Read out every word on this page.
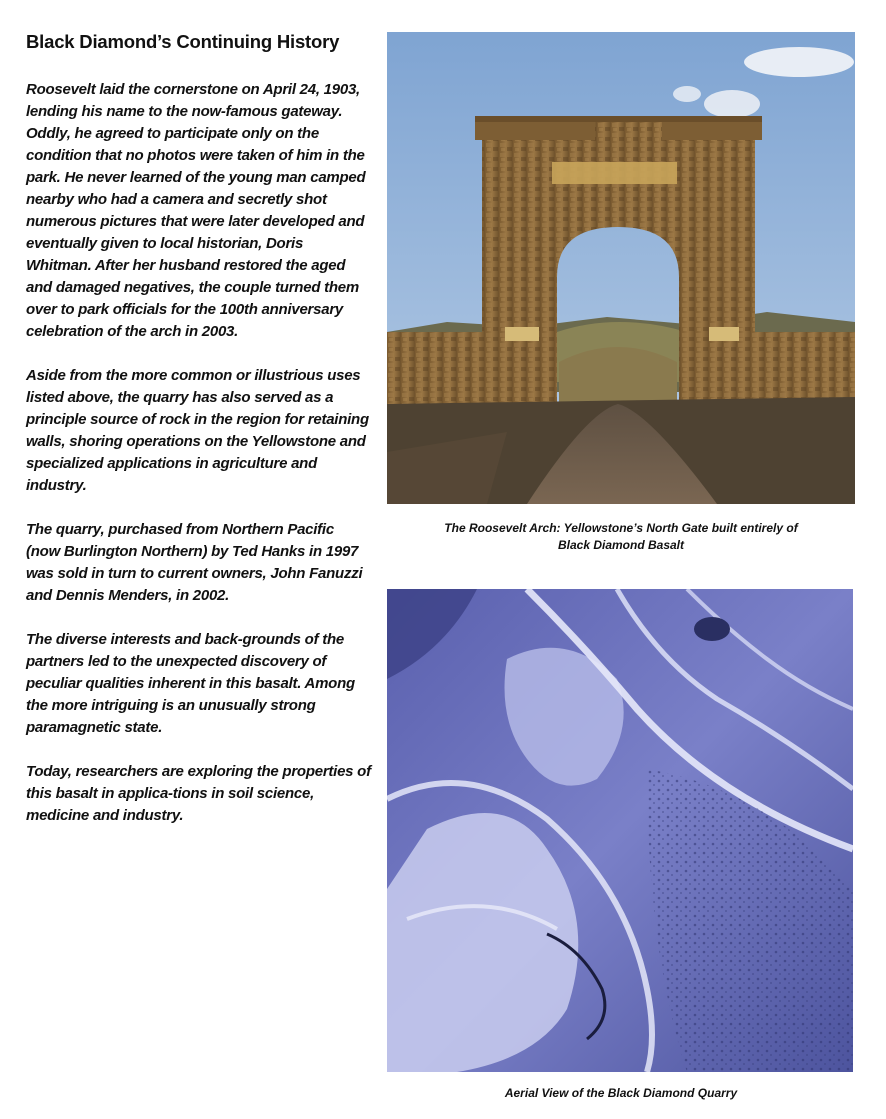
Black Diamond’s Continuing History

Roosevelt laid the cornerstone on April 24, 1903, lending his name to the now-famous gateway. Oddly, he agreed to participate only on the condition that no photos were taken of him in the park. He never learned of the young man camped nearby who had a camera and secretly shot numerous pictures that were later developed and eventually given to local historian, Doris Whitman. After her husband restored the aged and damaged negatives, the couple turned them over to park officials for the 100th anniversary celebration of the arch in 2003.

Aside from the more common or illustrious uses listed above, the quarry has also served as a principle source of rock in the region for retaining walls, shoring operations on the Yellowstone and specialized applications in agriculture and industry.

The quarry, purchased from Northern Pacific (now Burlington Northern) by Ted Hanks in 1997 was sold in turn to current owners, John Fanuzzi and Dennis Menders, in 2002.

The diverse interests and back-grounds of the partners led to the unexpected discovery of peculiar qualities inherent in this basalt. Among the more intriguing is an unusually strong paramagnetic state.

Today, researchers are exploring the properties of this basalt in applica-tions in soil science, medicine and industry.

The Roosevelt Arch: Yellowstone’s North Gate built entirely of
Black Diamond Basalt
Aerial View of the Black Diamond Quarry
